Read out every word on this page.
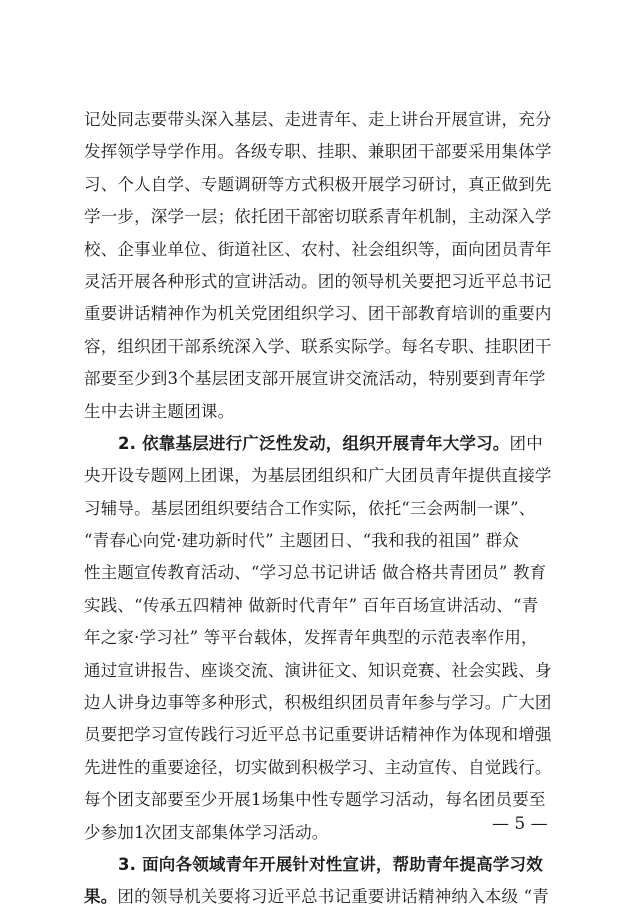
记处同志要带头深入基层、走进青年、走上讲台开展宣讲，充分
发挥领学导学作用。各级专职、挂职、兼职团干部要采用集体学
习、个人自学、专题调研等方式积极开展学习研讨，真正做到先
学一步，深学一层；依托团干部密切联系青年机制，主动深入学
校、企事业单位、街道社区、农村、社会组织等，面向团员青年
灵活开展各种形式的宣讲活动。团的领导机关要把习近平总书记
重要讲话精神作为机关党团组织学习、团干部教育培训的重要内
容，组织团干部系统深入学、联系实际学。每名专职、挂职团干
部要至少到3个基层团支部开展宣讲交流活动，特别要到青年学
生中去讲主题团课。
2. 依靠基层进行广泛性发动，组织开展青年大学习。团中
央开设专题网上团课，为基层团组织和广大团员青年提供直接学
习辅导。基层团组织要结合工作实际，依托“三会两制一课”、
“青春心向党·建功新时代” 主题团日、“我和我的祖国” 群众
性主题宣传教育活动、“学习总书记讲话 做合格共青团员” 教育
实践、“传承五四精神 做新时代青年” 百年百场宣讲活动、“青
年之家·学习社” 等平台载体，发挥青年典型的示范表率作用，
通过宣讲报告、座谈交流、演讲征文、知识竞赛、社会实践、身
边人讲身边事等多种形式，积极组织团员青年参与学习。广大团
员要把学习宣传践行习近平总书记重要讲话精神作为体现和增强
先进性的重要途径，切实做到积极学习、主动宣传、自觉践行。
每个团支部要至少开展1场集中性专题学习活动，每名团员要至
少参加1次团支部集体学习活动。
3. 面向各领域青年开展针对性宣讲，帮助青年提高学习效
果。团的领导机关要将习近平总书记重要讲话精神纳入本级 “青
— 5 —
